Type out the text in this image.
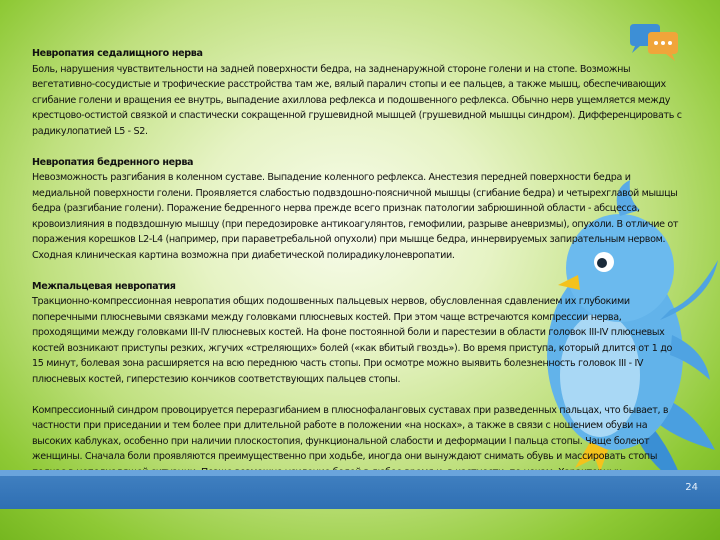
Невропатия седалищного нерва
Боль, нарушения чувствительности на задней поверхности бедра, на задненаружной стороне голени и на стопе. Возможны вегетативно-сосудистые и трофические расстройства там же, вялый паралич стопы и ее пальцев, а также мышц, обеспечивающих сгибание голени и вращения ее внутрь, выпадение ахиллова рефлекса и подошвенного рефлекса. Обычно нерв ущемляется между крестцово-остистой связкой и спастически сокращенной грушевидной мышцей (грушевидной мышцы синдром). Дифференцировать с радикулопатией L5 - S2.
Невропатия бедренного нерва
Невозможность разгибания в коленном суставе. Выпадение коленного рефлекса. Анестезия передней поверхности бедра и медиальной поверхности голени. Проявляется слабостью подвздошно-поясничной мышцы (сгибание бедра) и четырехглавой мышцы бедра (разгибание голени). Поражение бедренного нерва прежде всего признак патологии забрюшинной области - абсцесса, кровоизлияния в подвздошную мышцу (при передозировке антикоагулянтов, гемофилии, разрыве аневризмы), опухоли. В отличие от поражения корешков L2-L4 (например, при параветребальной опухоли) при мышце бедра, иннервируемых запирательным нервом. Сходная клиническая картина возможна при диабетической полирадикулоневропатии.
Межпальцевая невропатия
Тракционно-компрессионная невропатия общих подошвенных пальцевых нервов, обусловленная сдавлением их глубокими поперечными плюсневыми связками между головками плюсневых костей. При этом чаще встречаются компрессии нерва, проходящими между головками III-IV плюсневых костей. На фоне постоянной боли и парестезии в области головок III-IV плюсневых костей возникают приступы резких, жгучих «стреляющих» болей («как вбитый гвоздь»). Во время приступа, который длится от 1 до 15 минут, болевая зона расширяется на всю переднюю часть стопы. При осмотре можно выявить болезненность головок III - IV плюсневых костей, гиперстезию кончиков соответствующих пальцев стопы.
Компрессионный синдром провоцируется переразгибанием в плюснофаланговых суставах при разведенных пальцах, что бывает, в частности при приседании и тем более при длительной работе в положении «на носках», а также в связи с ношением обуви на высоких каблуках, особенно при наличии плоскостопия, функциональной слабости и деформации I пальца стопы. Чаще болеют женщины. Сначала боли проявляются преимущественно при ходьбе, иногда они вынуждают снимать обувь и массировать стопы
24
